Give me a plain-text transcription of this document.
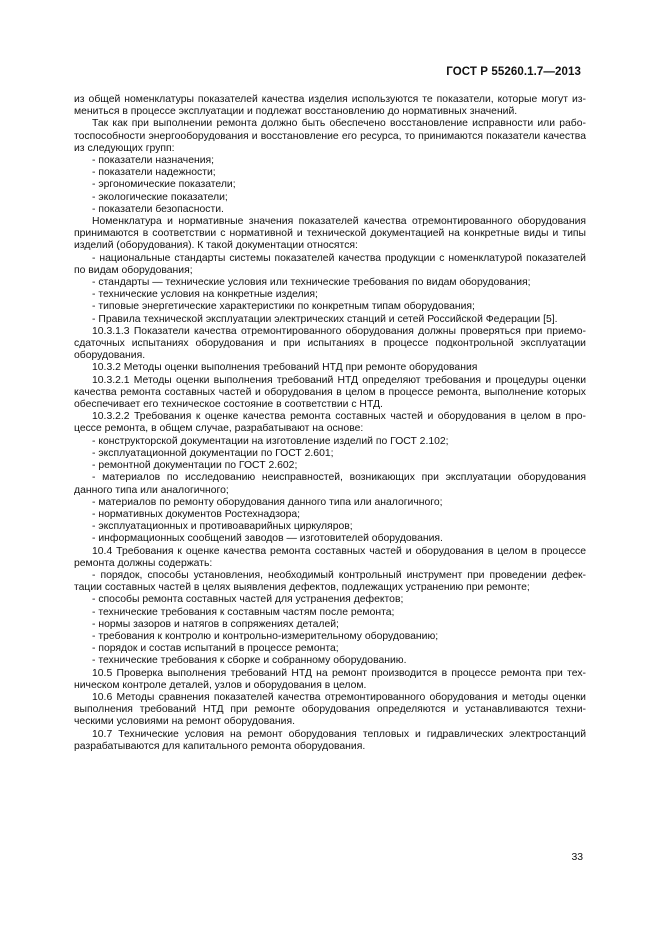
ГОСТ Р 55260.1.7—2013

из общей номенклатуры показателей качества изделия используются те показатели, которые могут измениться в процессе эксплуатации и подлежат восстановлению до нормативных значений.

Так как при выполнении ремонта должно быть обеспечено восстановление исправности или работоспособности энергооборудования и восстановление его ресурса, то принимаются показатели качества из следующих групп:

- показатели назначения;

- показатели надежности;

- эргономические показатели;

- экологические показатели;

- показатели безопасности.

Номенклатура и нормативные значения показателей качества отремонтированного оборудования принимаются в соответствии с нормативной и технической документацией на конкретные виды и типы изделий (оборудования). К такой документации относятся:

- национальные стандарты системы показателей качества продукции с номенклатурой показателей по видам оборудования;

- стандарты — технические условия или технические требования по видам оборудования;

- технические условия на конкретные изделия;

- типовые энергетические характеристики по конкретным типам оборудования;

- Правила технической эксплуатации электрических станций и сетей Российской Федерации [5].

10.3.1.3 Показатели качества отремонтированного оборудования должны проверяться при приемо-сдаточных испытаниях оборудования и при испытаниях в процессе подконтрольной эксплуатации оборудования.

10.3.2 Методы оценки выполнения требований НТД при ремонте оборудования

10.3.2.1 Методы оценки выполнения требований НТД определяют требования и процедуры оценки качества ремонта составных частей и оборудования в целом в процессе ремонта, выполнение которых обеспечивает его техническое состояние в соответствии с НТД.

10.3.2.2 Требования к оценке качества ремонта составных частей и оборудования в целом в процессе ремонта, в общем случае, разрабатывают на основе:

- конструкторской документации на изготовление изделий по ГОСТ 2.102;

- эксплуатационной документации по ГОСТ 2.601;

- ремонтной документации по ГОСТ 2.602;

- материалов по исследованию неисправностей, возникающих при эксплуатации оборудования данного типа или аналогичного;

- материалов по ремонту оборудования данного типа или аналогичного;

- нормативных документов Ростехнадзора;

- эксплуатационных и противоаварийных циркуляров;

- информационных сообщений заводов — изготовителей оборудования.

10.4 Требования к оценке качества ремонта составных частей и оборудования в целом в процессе ремонта должны содержать:

- порядок, способы установления, необходимый контрольный инструмент при проведении дефектации составных частей в целях выявления дефектов, подлежащих устранению при ремонте;

- способы ремонта составных частей для устранения дефектов;

- технические требования к составным частям после ремонта;

- нормы зазоров и натягов в сопряжениях деталей;

- требования к контролю и контрольно-измерительному оборудованию;

- порядок и состав испытаний в процессе ремонта;

- технические требования к сборке и собранному оборудованию.

10.5 Проверка выполнения требований НТД на ремонт производится в процессе ремонта при техническом контроле деталей, узлов и оборудования в целом.

10.6 Методы сравнения показателей качества отремонтированного оборудования и методы оценки выполнения требований НТД при ремонте оборудования определяются и устанавливаются техническими условиями на ремонт оборудования.

10.7 Технические условия на ремонт оборудования тепловых и гидравлических электростанций разрабатываются для капитального ремонта оборудования.

33
